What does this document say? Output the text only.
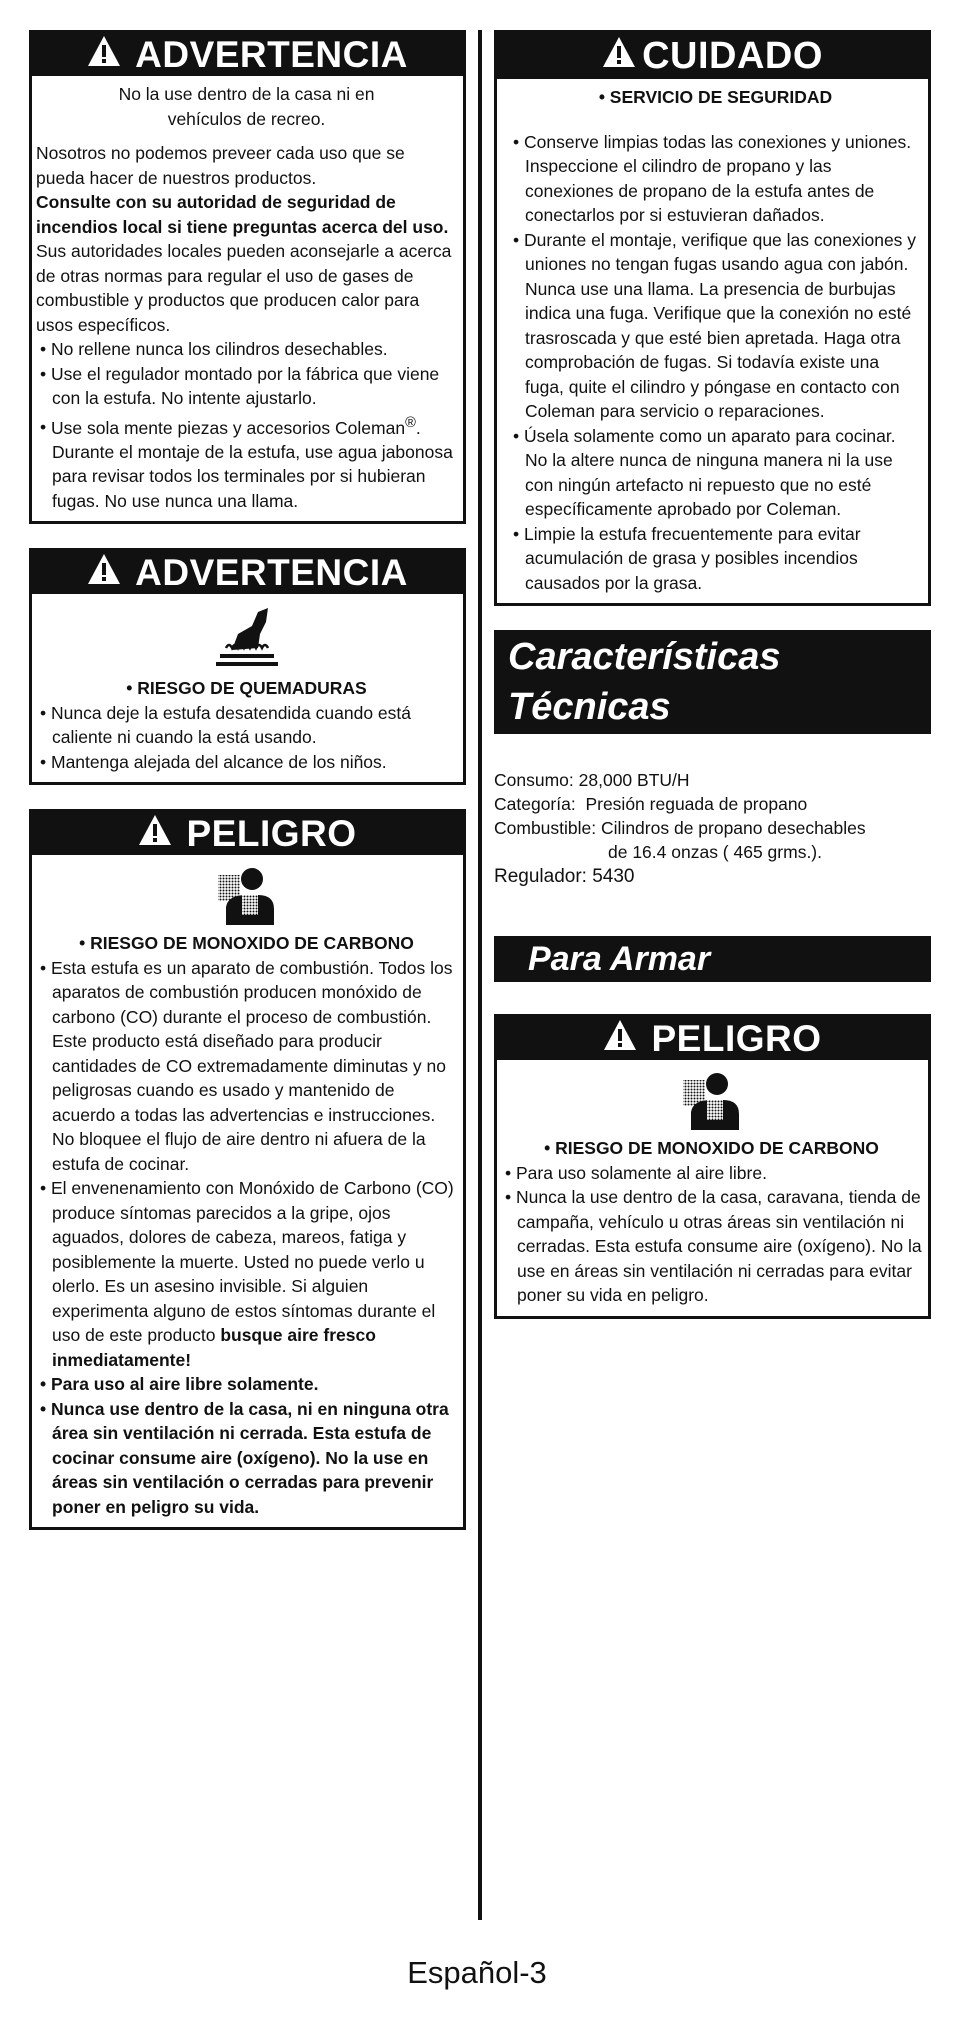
ADVERTENCIA

No la use dentro de la casa ni en

vehículos de recreo.

Nosotros no podemos preveer cada uso que se pueda hacer de nuestros productos.

Consulte con su autoridad de seguridad de incendios local si tiene preguntas acerca del uso.

Sus autoridades locales pueden aconsejarle a acerca de otras normas para regular el uso de gases de combustible y productos que producen calor para usos específicos.

• No rellene nunca los cilindros desechables.
• Use el regulador montado por la fábrica que viene con la estufa. No intente ajustarlo.
• Use sola mente piezas y accesorios Coleman®. Durante el montaje de la estufa, use agua jabonosa para revisar todos los terminales por si hubieran fugas. No use nunca una llama.
ADVERTENCIA

• RIESGO DE QUEMADURAS

• Nunca deje la estufa desatendida cuando está caliente ni cuando la está usando.
• Mantenga alejada del alcance de los niños.
PELIGRO

• RIESGO DE MONOXIDO DE CARBONO

• Esta estufa es un aparato de combustión. Todos los aparatos de combustión producen monóxido de carbono (CO) durante el proceso de combustión. Este producto está diseñado para producir cantidades de CO extremadamente diminutas y no peligrosas cuando es usado y mantenido de acuerdo a todas las advertencias e instrucciones. No bloquee el flujo de aire dentro ni afuera de la estufa de cocinar.
• El envenenamiento con Monóxido de Carbono (CO) produce síntomas parecidos a la gripe, ojos aguados, dolores de cabeza, mareos, fatiga y posiblemente la muerte. Usted no puede verlo u olerlo. Es un asesino invisible. Si alguien experimenta alguno de estos síntomas durante el uso de este producto busque aire fresco inmediatamente!
• Para uso al aire libre solamente.
• Nunca use dentro de la casa, ni en ninguna otra área sin ventilación ni cerrada. Esta estufa de cocinar consume aire (oxígeno). No la use en áreas sin ventilación o cerradas para prevenir poner en peligro su vida.
CUIDADO

• SERVICIO DE SEGURIDAD

• Conserve limpias todas las conexiones y uniones. Inspeccione el cilindro de propano y las conexiones de propano de la estufa antes de conectarlos por si estuvieran dañados.
• Durante el montaje, verifique que las conexiones y uniones no tengan fugas usando agua con jabón. Nunca use una llama. La presencia de burbujas indica una fuga. Verifique que la conexión no esté trasroscada y que esté bien apretada. Haga otra comprobación de fugas. Si todavía existe una fuga, quite el cilindro y póngase en contacto con Coleman para servicio o reparaciones.
• Úsela solamente como un aparato para cocinar. No la altere nunca de ninguna manera ni la use con ningún artefacto ni repuesto que no esté específicamente aprobado por Coleman.
• Limpie la estufa frecuentemente para evitar acumulación de grasa y posibles incendios causados por la grasa.
Características
Técnicas
Consumo:
28,000 BTU/H
Categoría:
Presión reguada de propano
Combustible:
Cilindros de propano desechables
de 16.4 onzas ( 465 grms.).
Regulador: 5430
Para Armar
PELIGRO

• RIESGO DE MONOXIDO DE CARBONO

• Para uso solamente al aire libre.
• Nunca la use dentro de la casa, caravana, tienda de campaña, vehículo u otras áreas sin ventilación ni cerradas. Esta estufa consume aire (oxígeno). No la use en áreas sin ventilación ni cerradas para evitar poner su vida en peligro.
Español-3
